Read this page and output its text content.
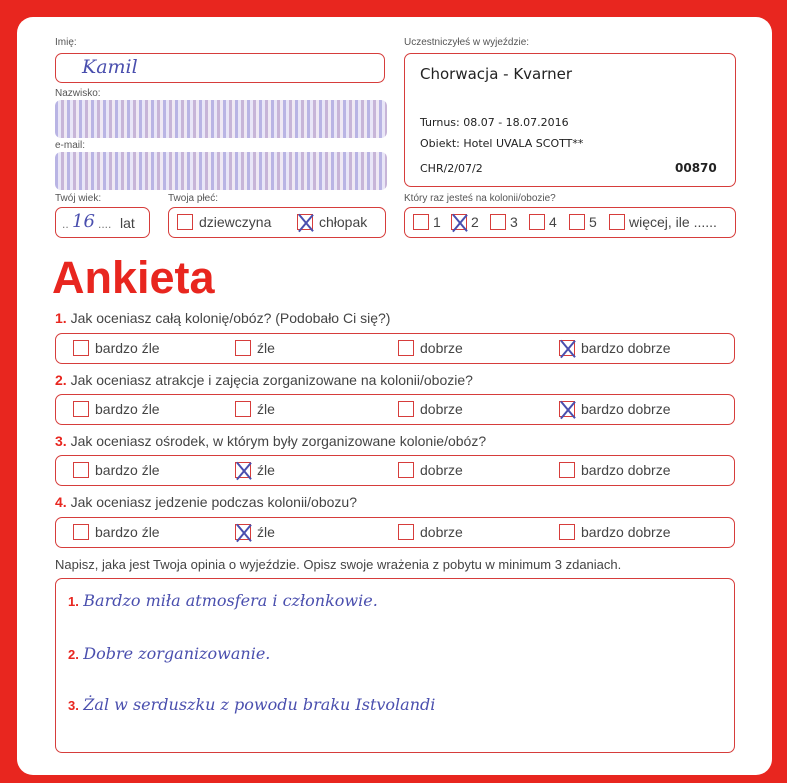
Imię:
Kamil
Nazwisko:
e-mail:
Twój wiek:
.. 16 .... lat
Twoja płeć:
dziewczyna	chłopak
Uczestniczyłeś w wyjeździe:
Chorwacja - Kvarner
Turnus: 08.07 - 18.07.2016
Obiekt: Hotel UVALA SCOTT**
CHR/2/07/2	00870
Który raz jesteś na kolonii/obozie?
1 2 3 4 5 więcej, ile ......
Ankieta
1. Jak oceniasz całą kolonię/obóz? (Podobało Ci się?)
bardzo źle	źle	dobrze	bardzo dobrze
2. Jak oceniasz atrakcje i zajęcia zorganizowane na kolonii/obozie?
bardzo źle	źle	dobrze	bardzo dobrze
3. Jak oceniasz ośrodek, w którym były zorganizowane kolonie/obóz?
bardzo źle	źle	dobrze	bardzo dobrze
4. Jak oceniasz jedzenie podczas kolonii/obozu?
bardzo źle	źle	dobrze	bardzo dobrze
Napisz, jaka jest Twoja opinia o wyjeździe. Opisz swoje wrażenia z pobytu w minimum 3 zdaniach.
1. Bardzo miła atmosfera i członkowie.
2. Dobre zorganizowanie.
3. Żal w serduszku z powodu braku Istvolandi
